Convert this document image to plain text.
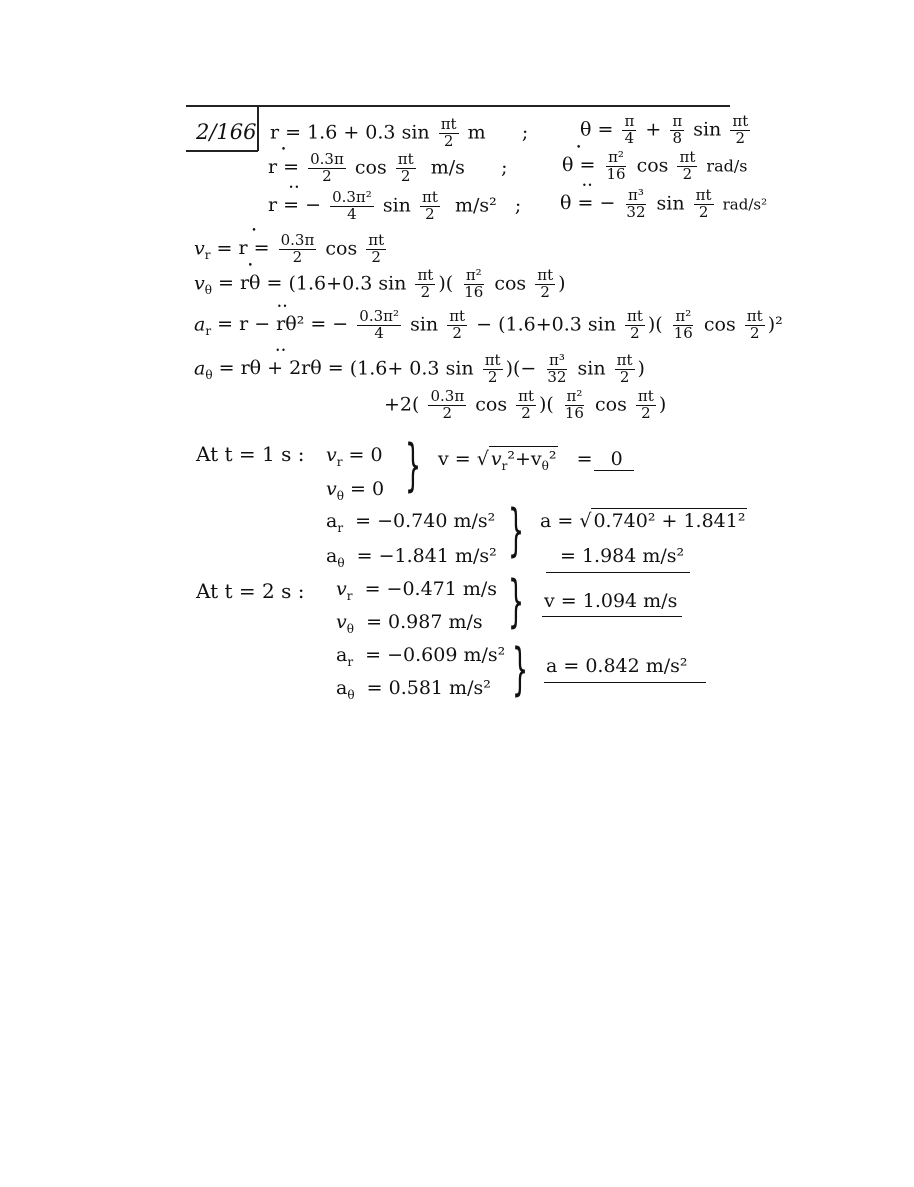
2/166 r = 1.6 + 0.3 $\sin \frac{\pi t}{2}$ m ;
• $r = \frac{0.3\pi}{2}$ $\cos \frac{\pi t}{2} m/s$ ;
•• r = − $\frac{\text{0.3π²}}{4}$ $\sin \frac{\pi t}{2} m/s^2$ ;
$\theta = \frac{\pi}{4} + \frac{\pi}{8}$ $\sin \frac{\pi t}{2}$
• $\theta = \frac{\text{π²}}{16}$ $\cos \frac{\pi t}{2} rad/s$
•• θ = − $\frac{\text{π³}}{32}$ $\sin \frac{\pi t}{2} rad/s^2$
$v_r$ = • $r = \frac{0.3\pi}{2}$ $\cos \frac{\pi t}{2}$
$v_\theta$ • = rθ = (1.6+0.3 $\sin \frac{\pi t}{2}$ )( $\frac{\text{π²}}{16}$ $\cos \frac{\pi t}{2}$ )
$a_r$ •• = r − rθ² = − $\frac{\text{0.3π²}}{4}$ $\sin \frac{\pi t}{2} - (1.6+0.3$ $\sin \frac{\pi t}{2}$ )( $\frac{\text{π²}}{16}$ $\cos \frac{\pi t}{2} )^2$
$a_\theta$ •• = rθ + 2rθ = (1.6+ 0.3 $\sin \frac{\pi t}{2}$ )(− $\frac{\text{π³}}{32}$ $\sin \frac{\pi t}{2}$ )
$+2( \frac{0.3\pi}{2}$ $\cos \frac{\pi t}{2}$ )( $\frac{\text{π²}}{16}$ $\cos \frac{\pi t}{2}$ )
At t = 1 s : $v_r = 0$
$v_\theta = 0$ } v = √ $v_r^2+v_\theta^2 = 0$
$a_r = -0.740$ m/s²
$a_\theta = -1.841$ m/s² } a = √ 0.740² + 1.841²
= 1.984 m/s²
At t = 2 s : $v_r = -0.471$ m/s
$v_\theta = 0.987$ m/s } v = 1.094 m/s
$a_r = -0.609$ m/s²
$a_\theta = 0.581$ m/s² } a = 0.842 m/s²
